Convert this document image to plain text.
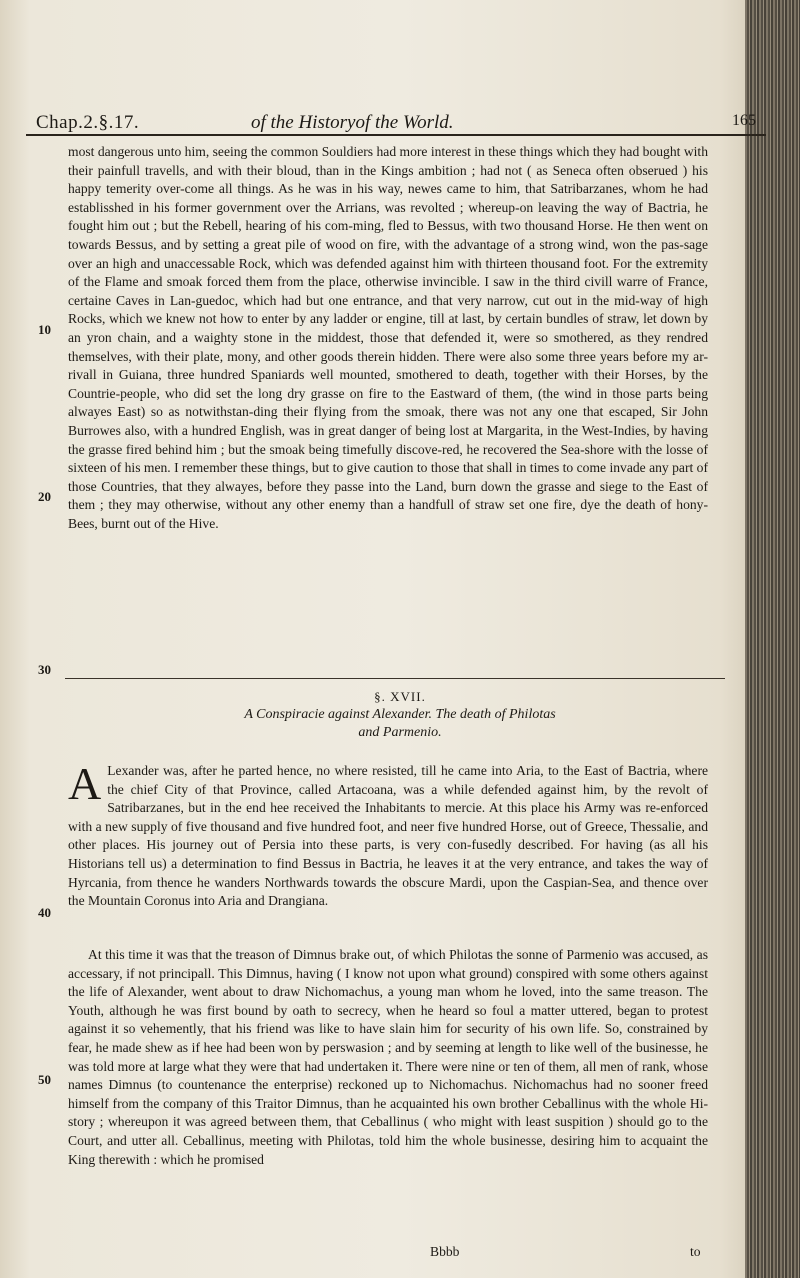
Chap.2.§.17.	of the Historyof the World.	165
10
20
30
40
50

most dangerous unto him, seeing the common Souldiers had more interest in these things which they had bought with their painfull travells, and with their bloud, than in the Kings ambition ; had not ( as Seneca often obserued ) his happy temerity over-come all things. As he was in his way, newes came to him, that Satribarzanes, whom he had establisshed in his former government over the Arrians, was revolted ; whereup-on leaving the way of Bactria, he fought him out ; but the Rebell, hearing of his com-ming, fled to Bessus, with two thousand Horse. He then went on towards Bessus, and by setting a great pile of wood on fire, with the advantage of a strong wind, won the pas-sage over an high and unaccessable Rock, which was defended against him with thirteen thousand foot. For the extremity of the Flame and smoak forced them from the place, otherwise invincible. I saw in the third civill warre of France, certaine Caves in Lan-guedoc, which had but one entrance, and that very narrow, cut out in the mid-way of high Rocks, which we knew not how to enter by any ladder or engine, till at last, by certain bundles of straw, let down by an yron chain, and a waighty stone in the middest, those that defended it, were so smothered, as they rendred themselves, with their plate, mony, and other goods therein hidden. There were also some three years before my ar-rivall in Guiana, three hundred Spaniards well mounted, smothered to death, together with their Horses, by the Countrie-people, who did set the long dry grasse on fire to the Eastward of them, (the wind in those parts being alwayes East) so as notwithstan-ding their flying from the smoak, there was not any one that escaped, Sir John Burrowes also, with a hundred English, was in great danger of being lost at Margarita, in the West-Indies, by having the grasse fired behind him ; but the smoak being timefully discove-red, he recovered the Sea-shore with the losse of sixteen of his men. I remember these things, but to give caution to those that shall in times to come invade any part of those Countries, that they alwayes, before they passe into the Land, burn down the grasse and siege to the East of them ; they may otherwise, without any other enemy than a handfull of straw set one fire, dye the death of hony-Bees, burnt out of the Hive.

§. XVII.
A Conspiracie against Alexander. The death of Philotas
and Parmenio.
A Lexander was, after he parted hence, no where resisted, till he came into Aria, to the East of Bactria, where the chief City of that Province, called Artacoana, was a while defended against him, by the revolt of Satribarzanes, but in the end hee received the Inhabitants to mercie. At this place his Army was re-enforced with a new supply of five thousand and five hundred foot, and neer five hundred Horse, out of Greece, Thessalie, and other places. His journey out of Persia into these parts, is very con-fusedly described. For having (as all his Historians tell us) a determination to find Bessus in Bactria, he leaves it at the very entrance, and takes the way of Hyrcania, from thence he wanders Northwards towards the obscure Mardi, upon the Caspian-Sea, and thence over the Mountain Coronus into Aria and Drangiana.

At this time it was that the treason of Dimnus brake out, of which Philotas the sonne of Parmenio was accused, as accessary, if not principall. This Dimnus, having ( I know not upon what ground) conspired with some others against the life of Alexander, went about to draw Nichomachus, a young man whom he loved, into the same treason. The Youth, although he was first bound by oath to secrecy, when he heard so foul a matter uttered, began to protest against it so vehemently, that his friend was like to have slain him for security of his own life. So, constrained by fear, he made shew as if hee had been won by perswasion ; and by seeming at length to like well of the businesse, he was told more at large what they were that had undertaken it. There were nine or ten of them, all men of rank, whose names Dimnus (to countenance the enterprise) reckoned up to Nichomachus. Nichomachus had no sooner freed himself from the company of this Traitor Dimnus, than he acquainted his own brother Ceballinus with the whole Hi-story ; whereupon it was agreed between them, that Ceballinus ( who might with least suspition ) should go to the Court, and utter all. Ceballinus, meeting with Philotas, told him the whole businesse, desiring him to acquaint the King therewith : which he promised

Bbbb	to
